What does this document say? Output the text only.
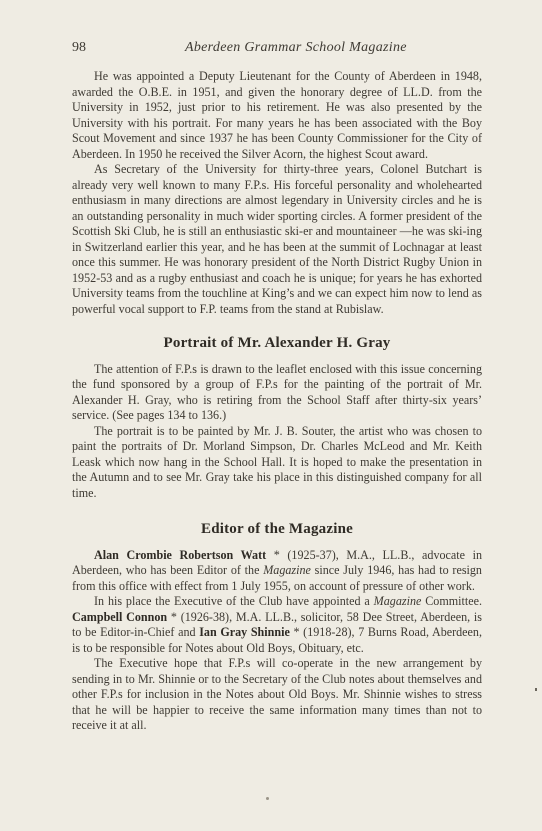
98	Aberdeen Grammar School Magazine

He was appointed a Deputy Lieutenant for the County of Aberdeen in 1948, awarded the O.B.E. in 1951, and given the honorary degree of LL.D. from the University in 1952, just prior to his retirement. He was also presented by the University with his portrait. For many years he has been associated with the Boy Scout Movement and since 1937 he has been County Commissioner for the City of Aberdeen. In 1950 he received the Silver Acorn, the highest Scout award.

As Secretary of the University for thirty-three years, Colonel Butchart is already very well known to many F.P.s. His forceful personality and wholehearted enthusiasm in many directions are almost legendary in University circles and he is an outstanding personality in much wider sporting circles. A former president of the Scottish Ski Club, he is still an enthusiastic ski-er and mountaineer —he was ski-ing in Switzerland earlier this year, and he has been at the summit of Lochnagar at least once this summer. He was honorary president of the North District Rugby Union in 1952-53 and as a rugby enthusiast and coach he is unique; for years he has exhorted University teams from the touchline at King’s and we can expect him now to lend as powerful vocal support to F.P. teams from the stand at Rubislaw.

Portrait of Mr. Alexander H. Gray

The attention of F.P.s is drawn to the leaflet enclosed with this issue concerning the fund sponsored by a group of F.P.s for the painting of the portrait of Mr. Alexander H. Gray, who is retiring from the School Staff after thirty-six years’ service. (See pages 134 to 136.)

The portrait is to be painted by Mr. J. B. Souter, the artist who was chosen to paint the portraits of Dr. Morland Simpson, Dr. Charles McLeod and Mr. Keith Leask which now hang in the School Hall. It is hoped to make the presentation in the Autumn and to see Mr. Gray take his place in this distinguished company for all time.

Editor of the Magazine

Alan Crombie Robertson Watt * (1925-37), M.A., LL.B., advocate in Aberdeen, who has been Editor of the Magazine since July 1946, has had to resign from this office with effect from 1 July 1955, on account of pressure of other work.

In his place the Executive of the Club have appointed a Magazine Committee. Campbell Connon * (1926-38), M.A. LL.B., solicitor, 58 Dee Street, Aberdeen, is to be Editor-in-Chief and Ian Gray Shinnie * (1918-28), 7 Burns Road, Aberdeen, is to be responsible for Notes about Old Boys, Obituary, etc.

The Executive hope that F.P.s will co-operate in the new arrangement by sending in to Mr. Shinnie or to the Secretary of the Club notes about themselves and other F.P.s for inclusion in the Notes about Old Boys. Mr. Shinnie wishes to stress that he will be happier to receive the same information many times than not to receive it at all.
